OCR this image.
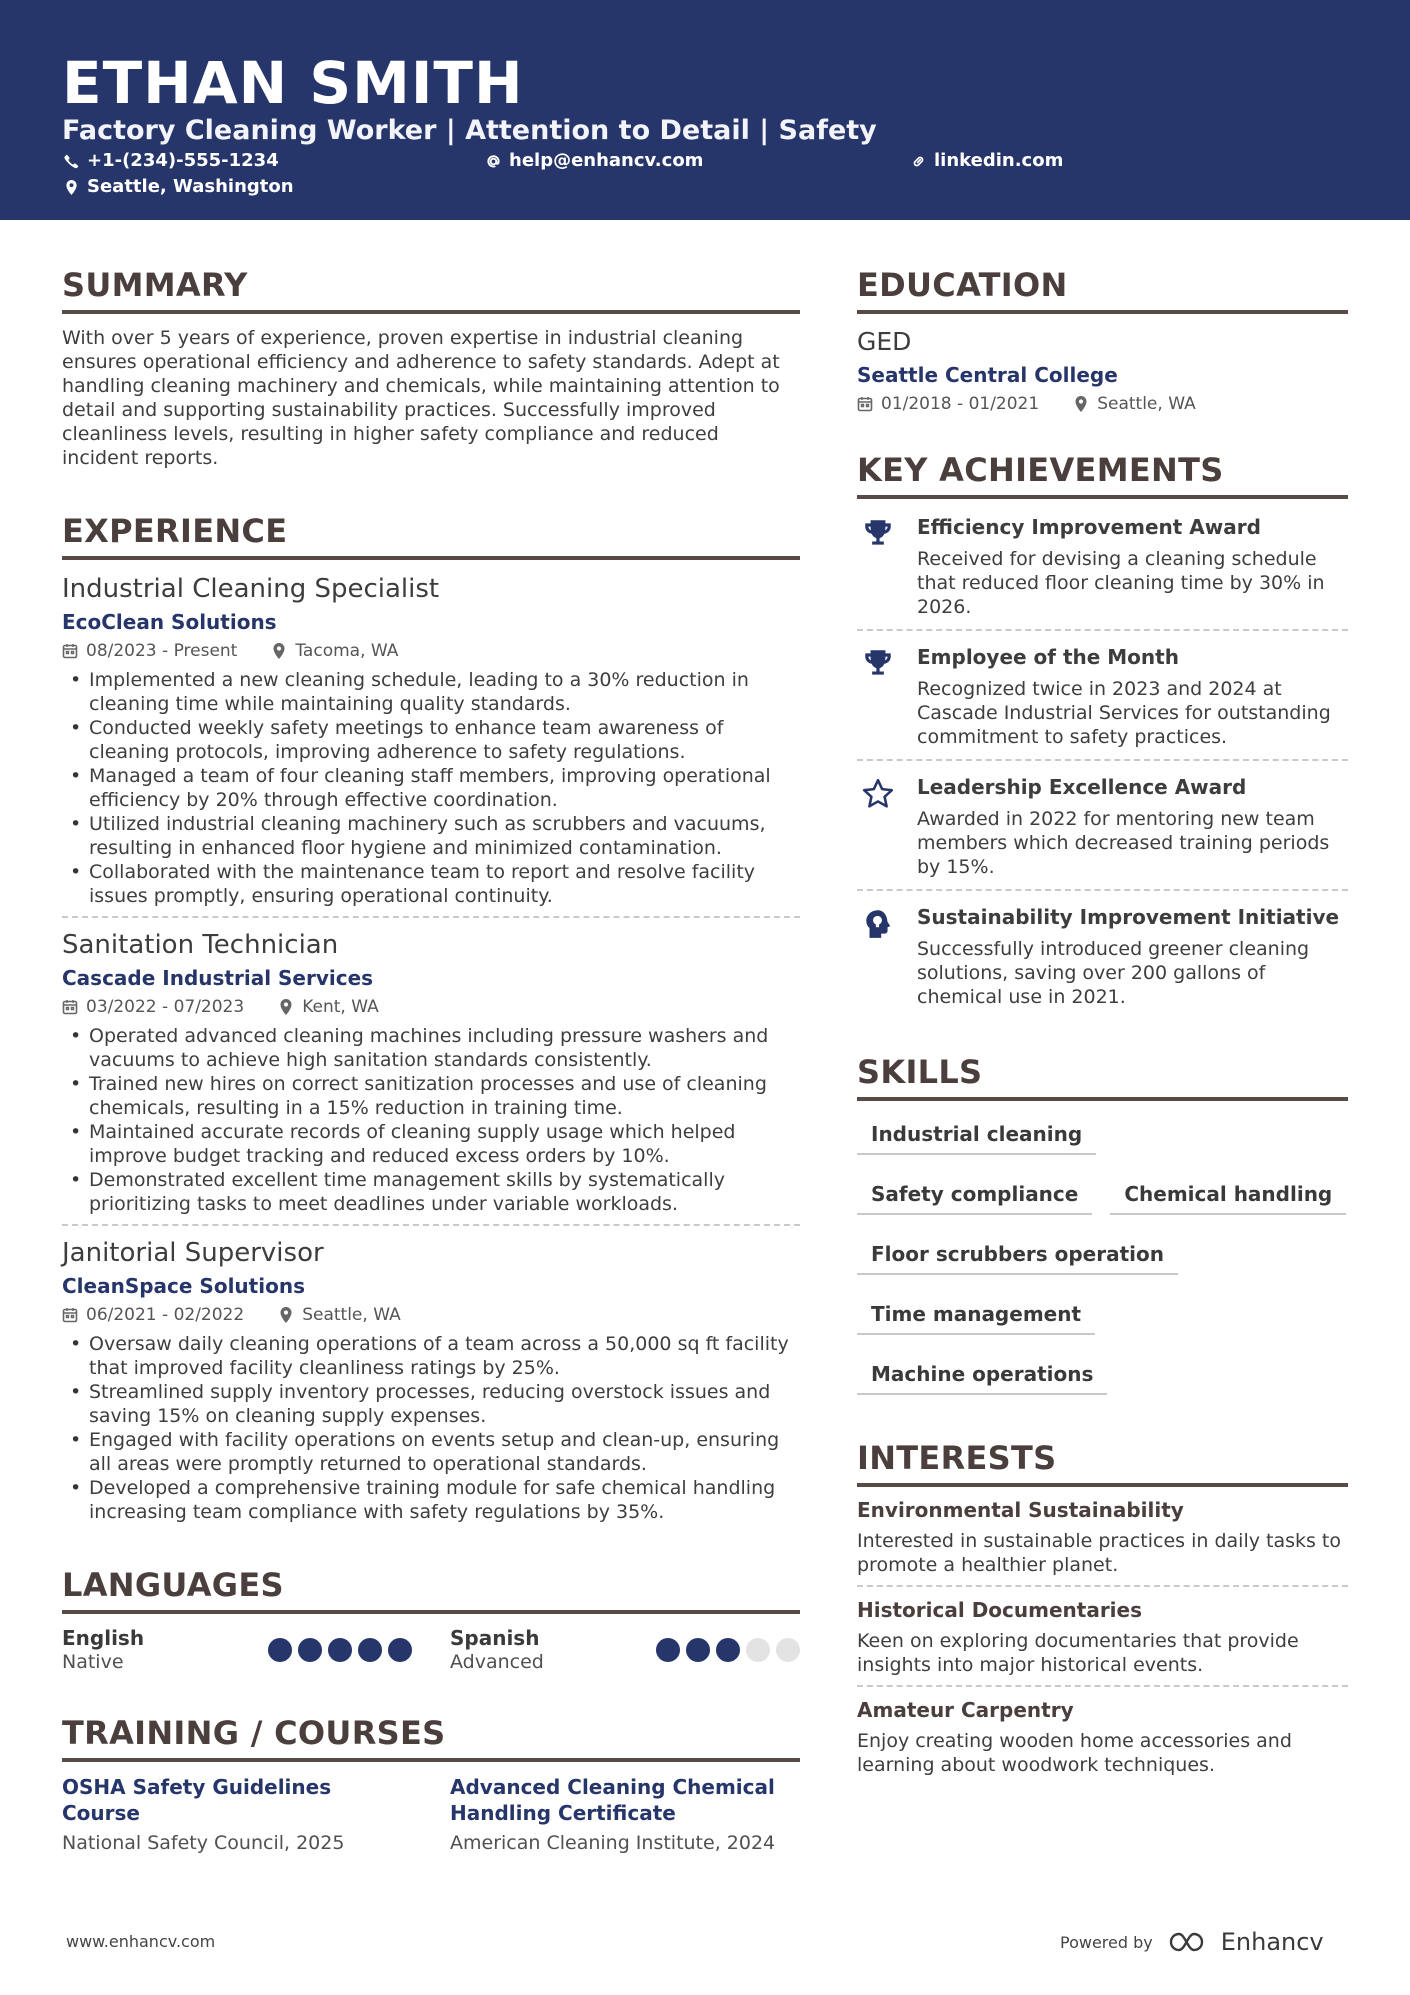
ETHAN SMITH
Factory Cleaning Worker | Attention to Detail | Safety
+1-(234)-555-1234	help@enhancv.com	linkedin.com
Seattle, Washington
SUMMARY
With over 5 years of experience, proven expertise in industrial cleaning ensures operational efficiency and adherence to safety standards. Adept at handling cleaning machinery and chemicals, while maintaining attention to detail and supporting sustainability practices. Successfully improved cleanliness levels, resulting in higher safety compliance and reduced incident reports.
EXPERIENCE
Industrial Cleaning Specialist
EcoClean Solutions
08/2023 - Present	Tacoma, WA
• Implemented a new cleaning schedule, leading to a 30% reduction in cleaning time while maintaining quality standards.
• Conducted weekly safety meetings to enhance team awareness of cleaning protocols, improving adherence to safety regulations.
• Managed a team of four cleaning staff members, improving operational efficiency by 20% through effective coordination.
• Utilized industrial cleaning machinery such as scrubbers and vacuums, resulting in enhanced floor hygiene and minimized contamination.
• Collaborated with the maintenance team to report and resolve facility issues promptly, ensuring operational continuity.
Sanitation Technician
Cascade Industrial Services
03/2022 - 07/2023	Kent, WA
• Operated advanced cleaning machines including pressure washers and vacuums to achieve high sanitation standards consistently.
• Trained new hires on correct sanitization processes and use of cleaning chemicals, resulting in a 15% reduction in training time.
• Maintained accurate records of cleaning supply usage which helped improve budget tracking and reduced excess orders by 10%.
• Demonstrated excellent time management skills by systematically prioritizing tasks to meet deadlines under variable workloads.
Janitorial Supervisor
CleanSpace Solutions
06/2021 - 02/2022	Seattle, WA
• Oversaw daily cleaning operations of a team across a 50,000 sq ft facility that improved facility cleanliness ratings by 25%.
• Streamlined supply inventory processes, reducing overstock issues and saving 15% on cleaning supply expenses.
• Engaged with facility operations on events setup and clean-up, ensuring all areas were promptly returned to operational standards.
• Developed a comprehensive training module for safe chemical handling increasing team compliance with safety regulations by 35%.
LANGUAGES
English
Native
Spanish
Advanced
TRAINING / COURSES
OSHA Safety Guidelines Course
National Safety Council, 2025
Advanced Cleaning Chemical Handling Certificate
American Cleaning Institute, 2024
EDUCATION
GED
Seattle Central College
01/2018 - 01/2021	Seattle, WA
KEY ACHIEVEMENTS
Efficiency Improvement Award
Received for devising a cleaning schedule that reduced floor cleaning time by 30% in 2026.
Employee of the Month
Recognized twice in 2023 and 2024 at Cascade Industrial Services for outstanding commitment to safety practices.
Leadership Excellence Award
Awarded in 2022 for mentoring new team members which decreased training periods by 15%.
Sustainability Improvement Initiative
Successfully introduced greener cleaning solutions, saving over 200 gallons of chemical use in 2021.
SKILLS
Industrial cleaning
Safety compliance	Chemical handling
Floor scrubbers operation
Time management
Machine operations
INTERESTS
Environmental Sustainability
Interested in sustainable practices in daily tasks to promote a healthier planet.
Historical Documentaries
Keen on exploring documentaries that provide insights into major historical events.
Amateur Carpentry
Enjoy creating wooden home accessories and learning about woodwork techniques.
www.enhancv.com	Powered by	Enhancv
